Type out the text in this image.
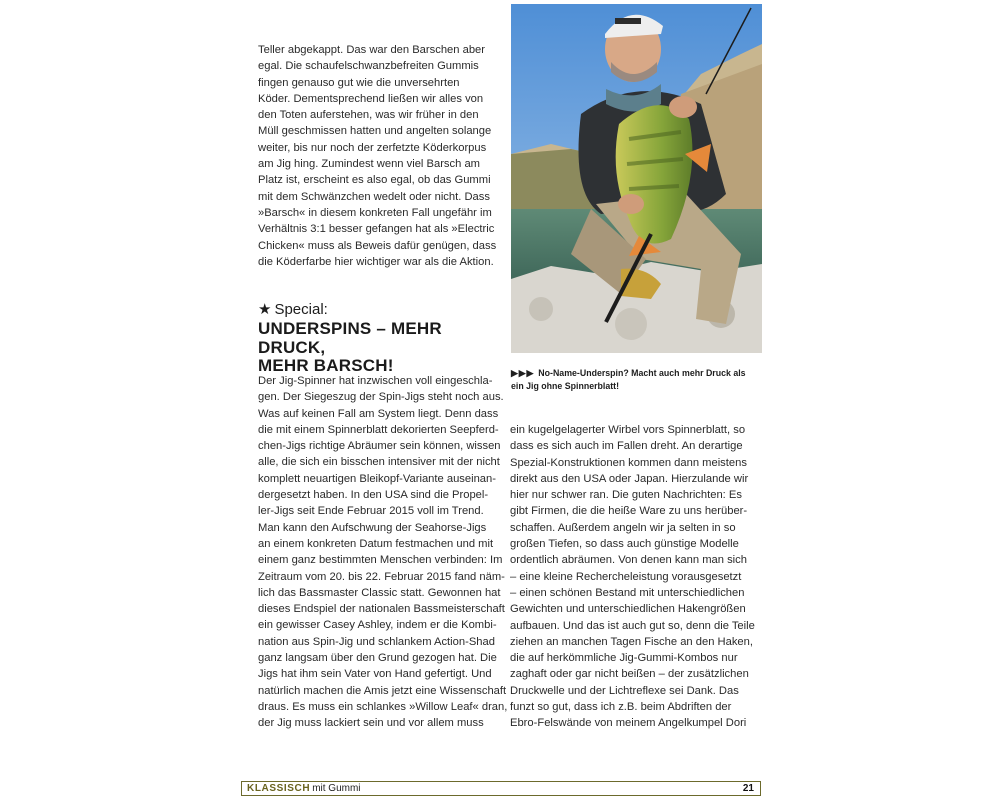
Teller abgekappt. Das war den Barschen aber
egal. Die schaufelschwanzbefreiten Gummis
fingen genauso gut wie die unversehrten
Köder. Dementsprechend ließen wir alles von
den Toten auferstehen, was wir früher in den
Müll geschmissen hatten und angelten solange
weiter, bis nur noch der zerfetzte Köderkorpus
am Jig hing. Zumindest wenn viel Barsch am
Platz ist, erscheint es also egal, ob das Gummi
mit dem Schwänzchen wedelt oder nicht. Dass
»Barsch« in diesem konkreten Fall ungefähr im
Verhältnis 3:1 besser gefangen hat als »Electric
Chicken« muss als Beweis dafür genügen, dass
die Köderfarbe hier wichtiger war als die Aktion.
★ Special:
UNDERSPINS – MEHR DRUCK,
MEHR BARSCH!
Der Jig-Spinner hat inzwischen voll eingeschla-
gen. Der Siegeszug der Spin-Jigs steht noch aus.
Was auf keinen Fall am System liegt. Denn dass
die mit einem Spinnerblatt dekorierten Seepferd-
chen-Jigs richtige Abräumer sein können, wissen
alle, die sich ein bisschen intensiver mit der nicht
komplett neuartigen Bleikopf-Variante auseinan-
dergesetzt haben. In den USA sind die Propel-
ler-Jigs seit Ende Februar 2015 voll im Trend.
Man kann den Aufschwung der Seahorse-Jigs
an einem konkreten Datum festmachen und mit
einem ganz bestimmten Menschen verbinden: Im
Zeitraum vom 20. bis 22. Februar 2015 fand näm-
lich das Bassmaster Classic statt. Gewonnen hat
dieses Endspiel der nationalen Bassmeisterschaft
ein gewisser Casey Ashley, indem er die Kombi-
nation aus Spin-Jig und schlankem Action-Shad
ganz langsam über den Grund gezogen hat. Die
Jigs hat ihm sein Vater von Hand gefertigt. Und
natürlich machen die Amis jetzt eine Wissenschaft
draus. Es muss ein schlankes »Willow Leaf« dran,
der Jig muss lackiert sein und vor allem muss
▶▶▶ No-Name-Underspin? Macht auch mehr Druck als
ein Jig ohne Spinnerblatt!
ein kugelgelagerter Wirbel vors Spinnerblatt, so
dass es sich auch im Fallen dreht. An derartige
Spezial-Konstruktionen kommen dann meistens
direkt aus den USA oder Japan. Hierzulande wir
hier nur schwer ran. Die guten Nachrichten: Es
gibt Firmen, die die heiße Ware zu uns herüber-
schaffen. Außerdem angeln wir ja selten in so
großen Tiefen, so dass auch günstige Modelle
ordentlich abräumen. Von denen kann man sich
– eine kleine Rechercheleistung vorausgesetzt
– einen schönen Bestand mit unterschiedlichen
Gewichten und unterschiedlichen Hakengrößen
aufbauen. Und das ist auch gut so, denn die Teile
ziehen an manchen Tagen Fische an den Haken,
die auf herkömmliche Jig-Gummi-Kombos nur
zaghaft oder gar nicht beißen – der zusätzlichen
Druckwelle und der Lichtreflexe sei Dank. Das
funzt so gut, dass ich z.B. beim Abdriften der
Ebro-Felswände von meinem Angelkumpel Dori
KLASSISCH mit Gummi	21
